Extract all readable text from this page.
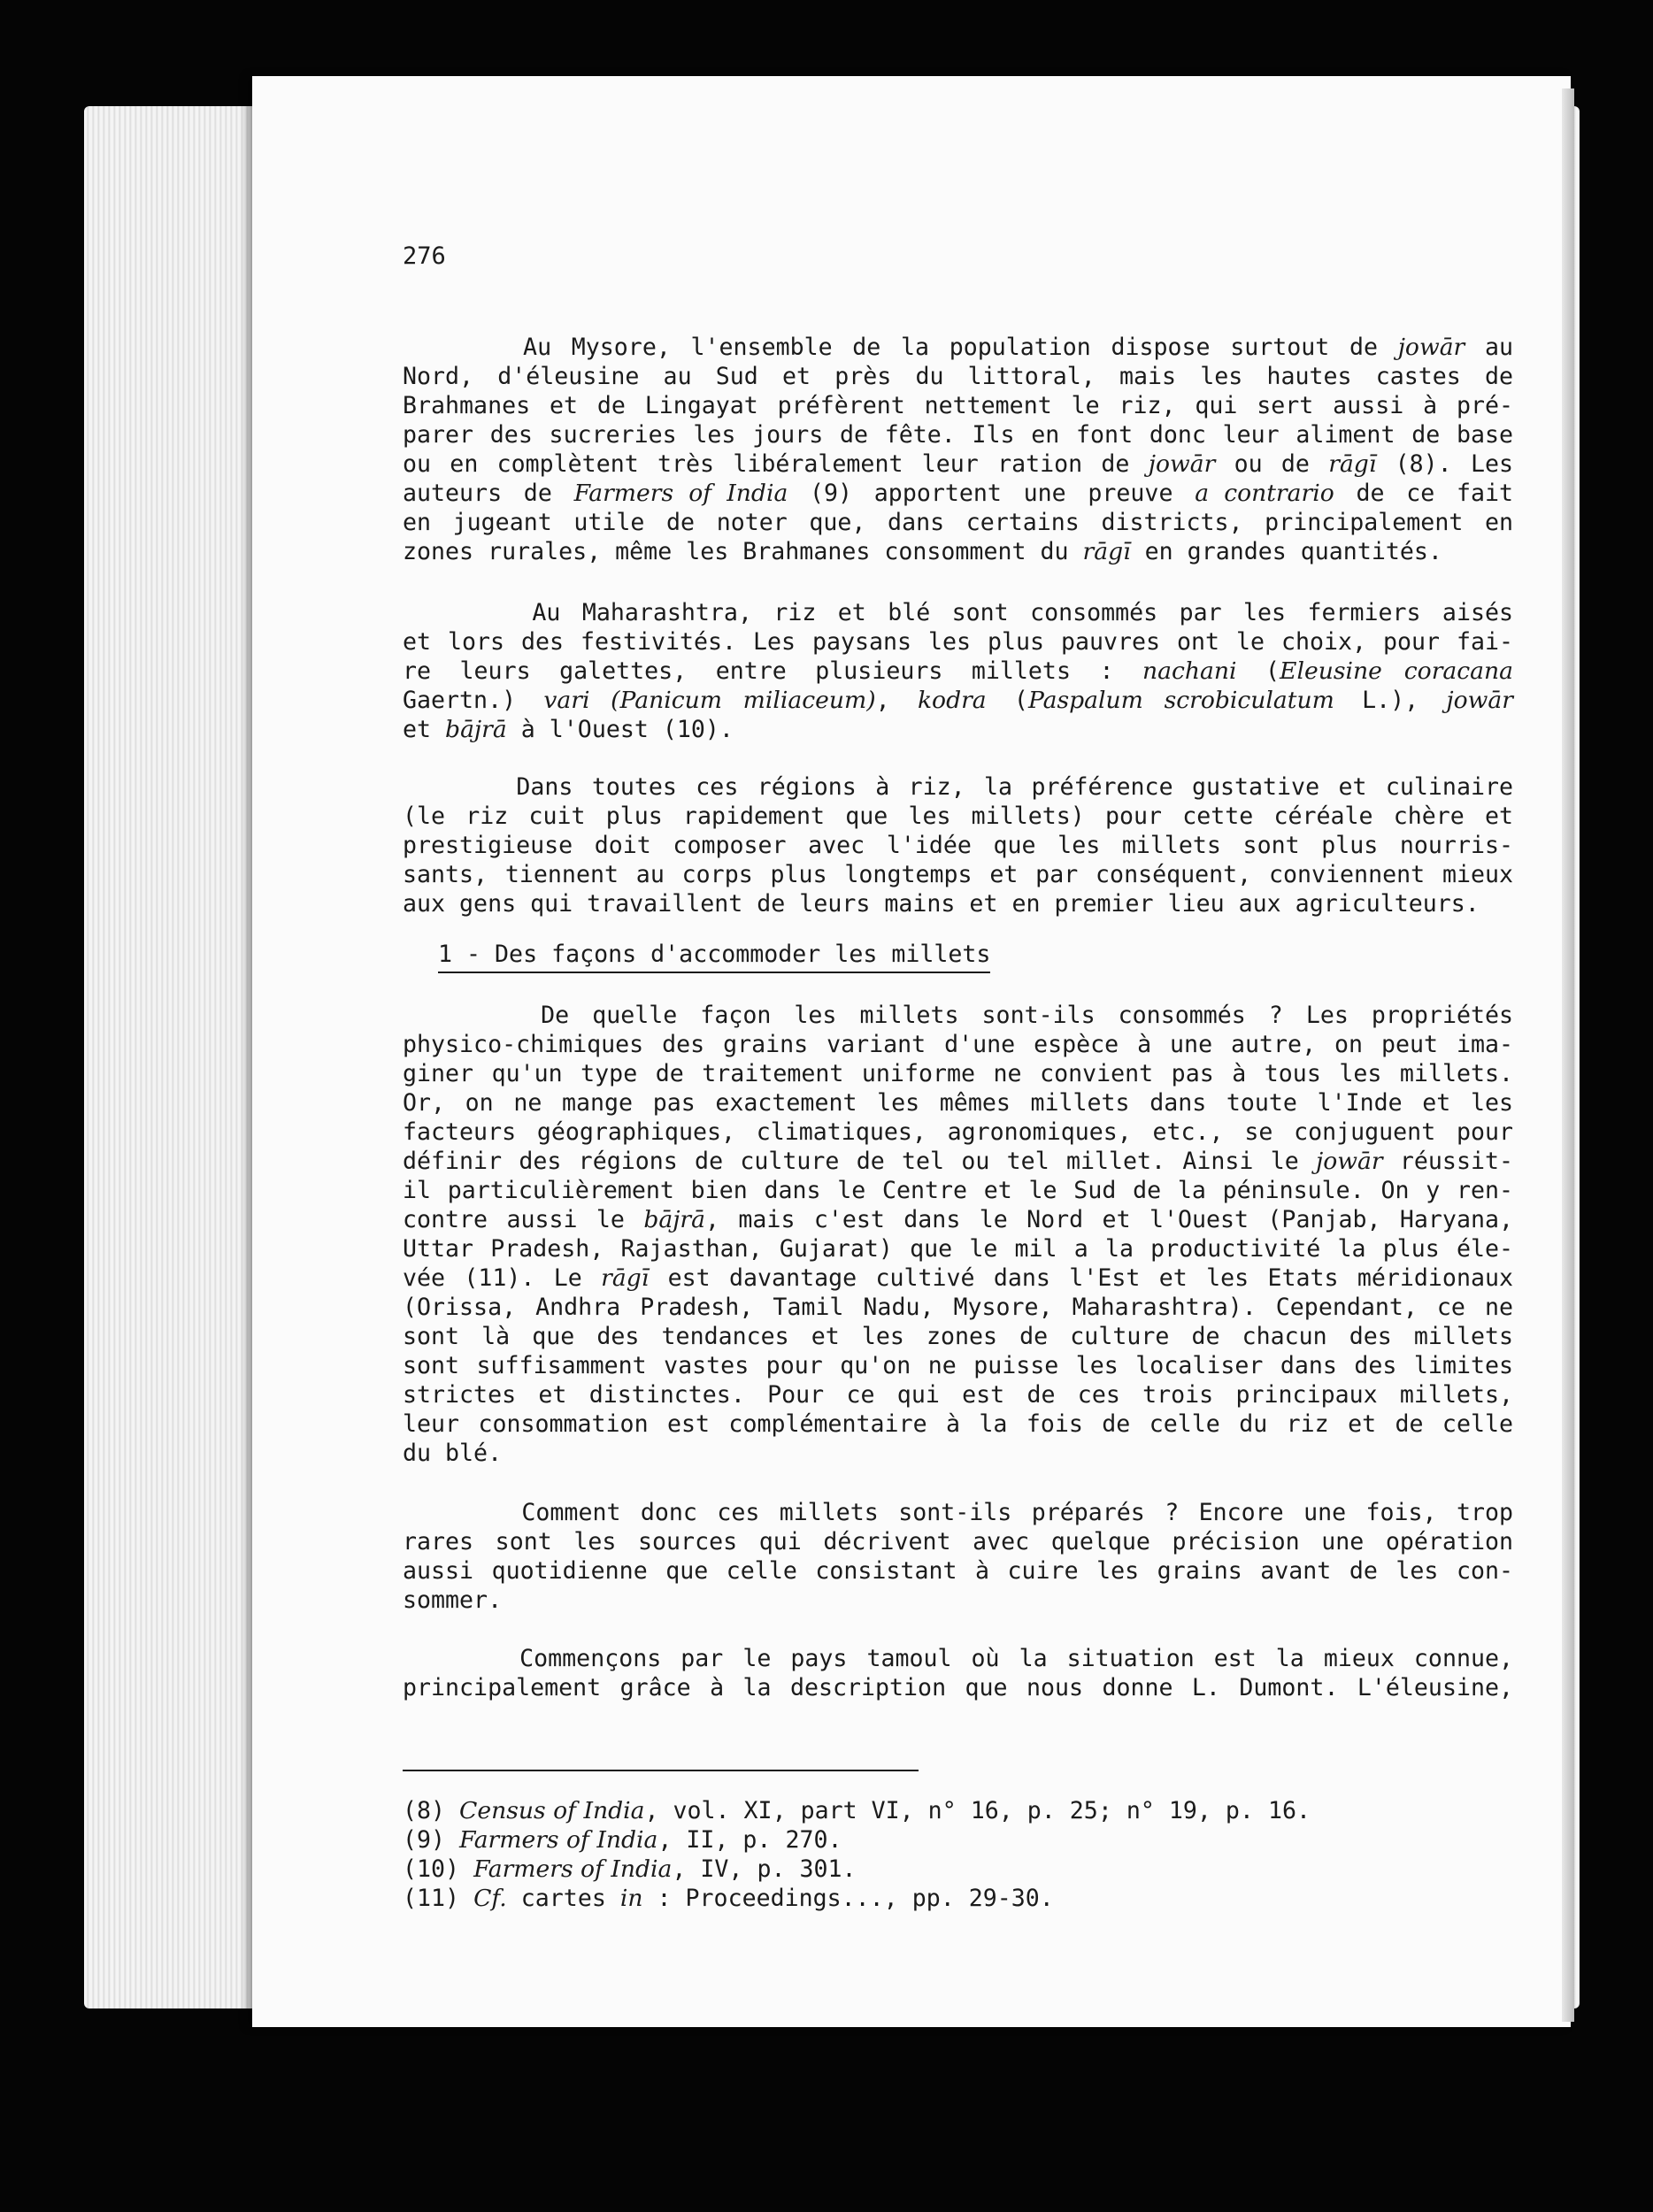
276
Au Mysore, l'ensemble de la population dispose surtout de jowār au
Nord, d'éleusine au Sud et près du littoral, mais les hautes castes de
Brahmanes et de Lingayat préfèrent nettement le riz, qui sert aussi à pré-
parer des sucreries les jours de fête. Ils en font donc leur aliment de base
ou en complètent très libéralement leur ration de jowār ou de rāgī (8). Les
auteurs de Farmers of India (9) apportent une preuve a contrario de ce fait
en jugeant utile de noter que, dans certains districts, principalement en
zones rurales, même les Brahmanes consomment du rāgī en grandes quantités.
Au Maharashtra, riz et blé sont consommés par les fermiers aisés
et lors des festivités. Les paysans les plus pauvres ont le choix, pour fai-
re leurs galettes, entre plusieurs millets : nachani (Eleusine coracana
Gaertn.) vari (Panicum miliaceum), kodra (Paspalum scrobiculatum L.), jowār
et bājrā à l'Ouest (10).
Dans toutes ces régions à riz, la préférence gustative et culinaire
(le riz cuit plus rapidement que les millets) pour cette céréale chère et
prestigieuse doit composer avec l'idée que les millets sont plus nourris-
sants, tiennent au corps plus longtemps et par conséquent, conviennent mieux
aux gens qui travaillent de leurs mains et en premier lieu aux agriculteurs.
De quelle façon les millets sont-ils consommés ? Les propriétés
physico-chimiques des grains variant d'une espèce à une autre, on peut ima-
giner qu'un type de traitement uniforme ne convient pas à tous les millets.
Or, on ne mange pas exactement les mêmes millets dans toute l'Inde et les
facteurs géographiques, climatiques, agronomiques, etc., se conjuguent pour
définir des régions de culture de tel ou tel millet. Ainsi le jowār réussit-
il particulièrement bien dans le Centre et le Sud de la péninsule. On y ren-
contre aussi le bājrā, mais c'est dans le Nord et l'Ouest (Panjab, Haryana,
Uttar Pradesh, Rajasthan, Gujarat) que le mil a la productivité la plus éle-
vée (11). Le rāgī est davantage cultivé dans l'Est et les Etats méridionaux
(Orissa, Andhra Pradesh, Tamil Nadu, Mysore, Maharashtra). Cependant, ce ne
sont là que des tendances et les zones de culture de chacun des millets
sont suffisamment vastes pour qu'on ne puisse les localiser dans des limites
strictes et distinctes. Pour ce qui est de ces trois principaux millets,
leur consommation est complémentaire à la fois de celle du riz et de celle
du blé.
Comment donc ces millets sont-ils préparés ? Encore une fois, trop
rares sont les sources qui décrivent avec quelque précision une opération
aussi quotidienne que celle consistant à cuire les grains avant de les con-
sommer.
Commençons par le pays tamoul où la situation est la mieux connue,
principalement grâce à la description que nous donne L. Dumont. L'éleusine,
1 - Des façons d'accommoder les millets
(8) Census of India, vol. XI, part VI, n° 16, p. 25; n° 19, p. 16.
(9) Farmers of India, II, p. 270.
(10) Farmers of India, IV, p. 301.
(11) Cf. cartes in : Proceedings..., pp. 29-30.
